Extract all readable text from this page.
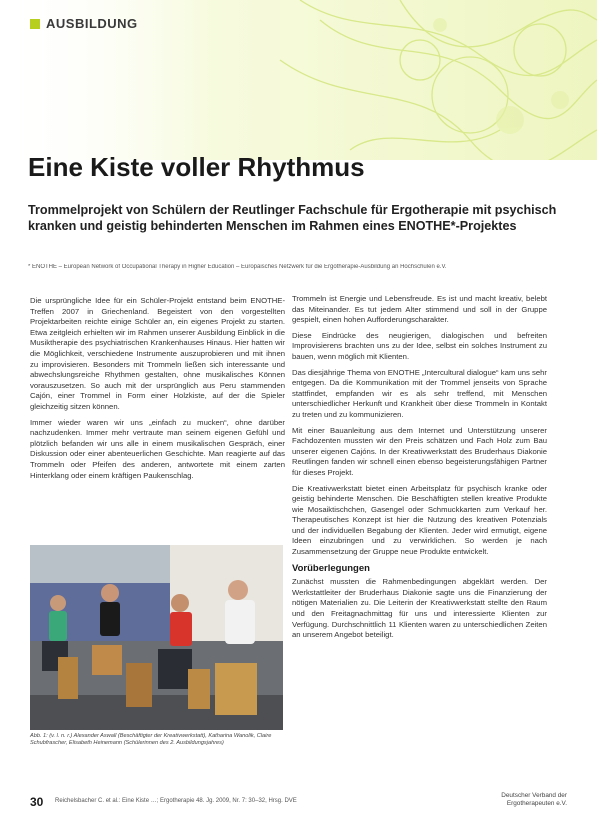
AUSBILDUNG
Eine Kiste voller Rhythmus

Trommelprojekt von Schülern der Reutlinger Fachschule für Ergotherapie mit psychisch kranken und geistig behinderten Menschen im Rahmen eines ENOTHE*-Projektes

* ENOTHE – European Network of Occupational Therapy in Higher Education – Europäisches Netzwerk für die Ergotherapie-Ausbildung an Hochschulen e.V.

Die ursprüngliche Idee für ein Schüler-Projekt entstand beim ENOTHE-Treffen 2007 in Griechenland. Begeistert von den vorgestellten Projektarbeiten reichte einige Schüler an, ein eigenes Projekt zu starten. Etwa zeitgleich erhielten wir im Rahmen unserer Ausbildung Einblick in die Musiktherapie des psychiatrischen Krankenhauses Hinaus. Hier hatten wir die Möglichkeit, verschiedene Instrumente auszuprobieren und mit ihnen zu improvisieren. Besonders mit Trommeln ließen sich interessante und abwechslungsreiche Rhythmen gestalten, ohne musikalisches Können vorauszusetzen. So auch mit der ursprünglich aus Peru stammenden Cajón, einer Trommel in Form einer Holzkiste, auf der die Spieler gleichzeitig sitzen können.

Immer wieder waren wir uns „einfach zu mucken“, ohne darüber nachzudenken. Immer mehr vertraute man seinem eigenen Gefühl und plötzlich befanden wir uns alle in einem musikalischen Gespräch, einer Diskussion oder einer abenteuerlichen Geschichte. Man reagierte auf das Trommeln oder Pfeifen des anderen, antwortete mit einem zarten Hinterklang oder einem kräftigen Paukenschlag.

Abb. 1: (v. l. n. r.) Alexander Aswall (Beschäftigter der Kreativwerkstatt), Katharina Wanolik, Claire Schubfrascher, Elisabeth Heinemann (Schülerinnen des 2. Ausbildungsjahres)

Trommeln ist Energie und Lebensfreude. Es ist und macht kreativ, belebt das Miteinander. Es tut jedem Alter stimmend und soll in der Gruppe gespielt, einen hohen Aufforderungscharakter.

Diese Eindrücke des neugierigen, dialogischen und befreiten Improvisierens brachten uns zu der Idee, selbst ein solches Instrument zu bauen, wenn möglich mit Klienten.

Das diesjährige Thema von ENOTHE „Intercultural dialogue“ kam uns sehr entgegen. Da die Kommunikation mit der Trommel jenseits von Sprache stattfindet, empfanden wir es als sehr treffend, mit Menschen unterschiedlicher Herkunft und Krankheit über diese Trommeln in Kontakt zu treten und zu kommunizieren.

Mit einer Bauanleitung aus dem Internet und Unterstützung unserer Fachdozenten mussten wir den Preis schätzen und Fach Holz zum Bau unserer eigenen Cajóns. In der Kreativwerkstatt des Bruderhaus Diakonie Reutlingen fanden wir schnell einen ebenso begeisterungsfähigen Partner für dieses Projekt.

Die Kreativwerkstatt bietet einen Arbeitsplatz für psychisch kranke oder geistig behinderte Menschen. Die Beschäftigten stellen kreative Produkte wie Mosaiktischchen, Gasengel oder Schmuckkarten zum Verkauf her. Therapeutisches Konzept ist hier die Nutzung des kreativen Potenzials und der individuellen Begabung der Klienten. Jeder wird ermutigt, eigene Ideen einzubringen und zu verwirklichen. So werden je nach Zusammensetzung der Gruppe neue Produkte entwickelt.

Vorüberlegungen

Zunächst mussten die Rahmenbedingungen abgeklärt werden. Der Werkstattleiter der Bruderhaus Diakonie sagte uns die Finanzierung der nötigen Materialien zu. Die Leiterin der Kreativwerkstatt stellte den Raum und den Freitagnachmittag für uns und interessierte Klienten zur Verfügung. Durchschnittlich 11 Klienten waren zu unterschiedlichen Zeiten an unserem Angebot beteiligt.

30 Reichelsbacher C. et al.: Eine Kiste …; Ergotherapie 48. Jg. 2009, Nr. 7: 30–32, Hrsg. DVE
Deutscher Verband der Ergotherapeuten e.V.
